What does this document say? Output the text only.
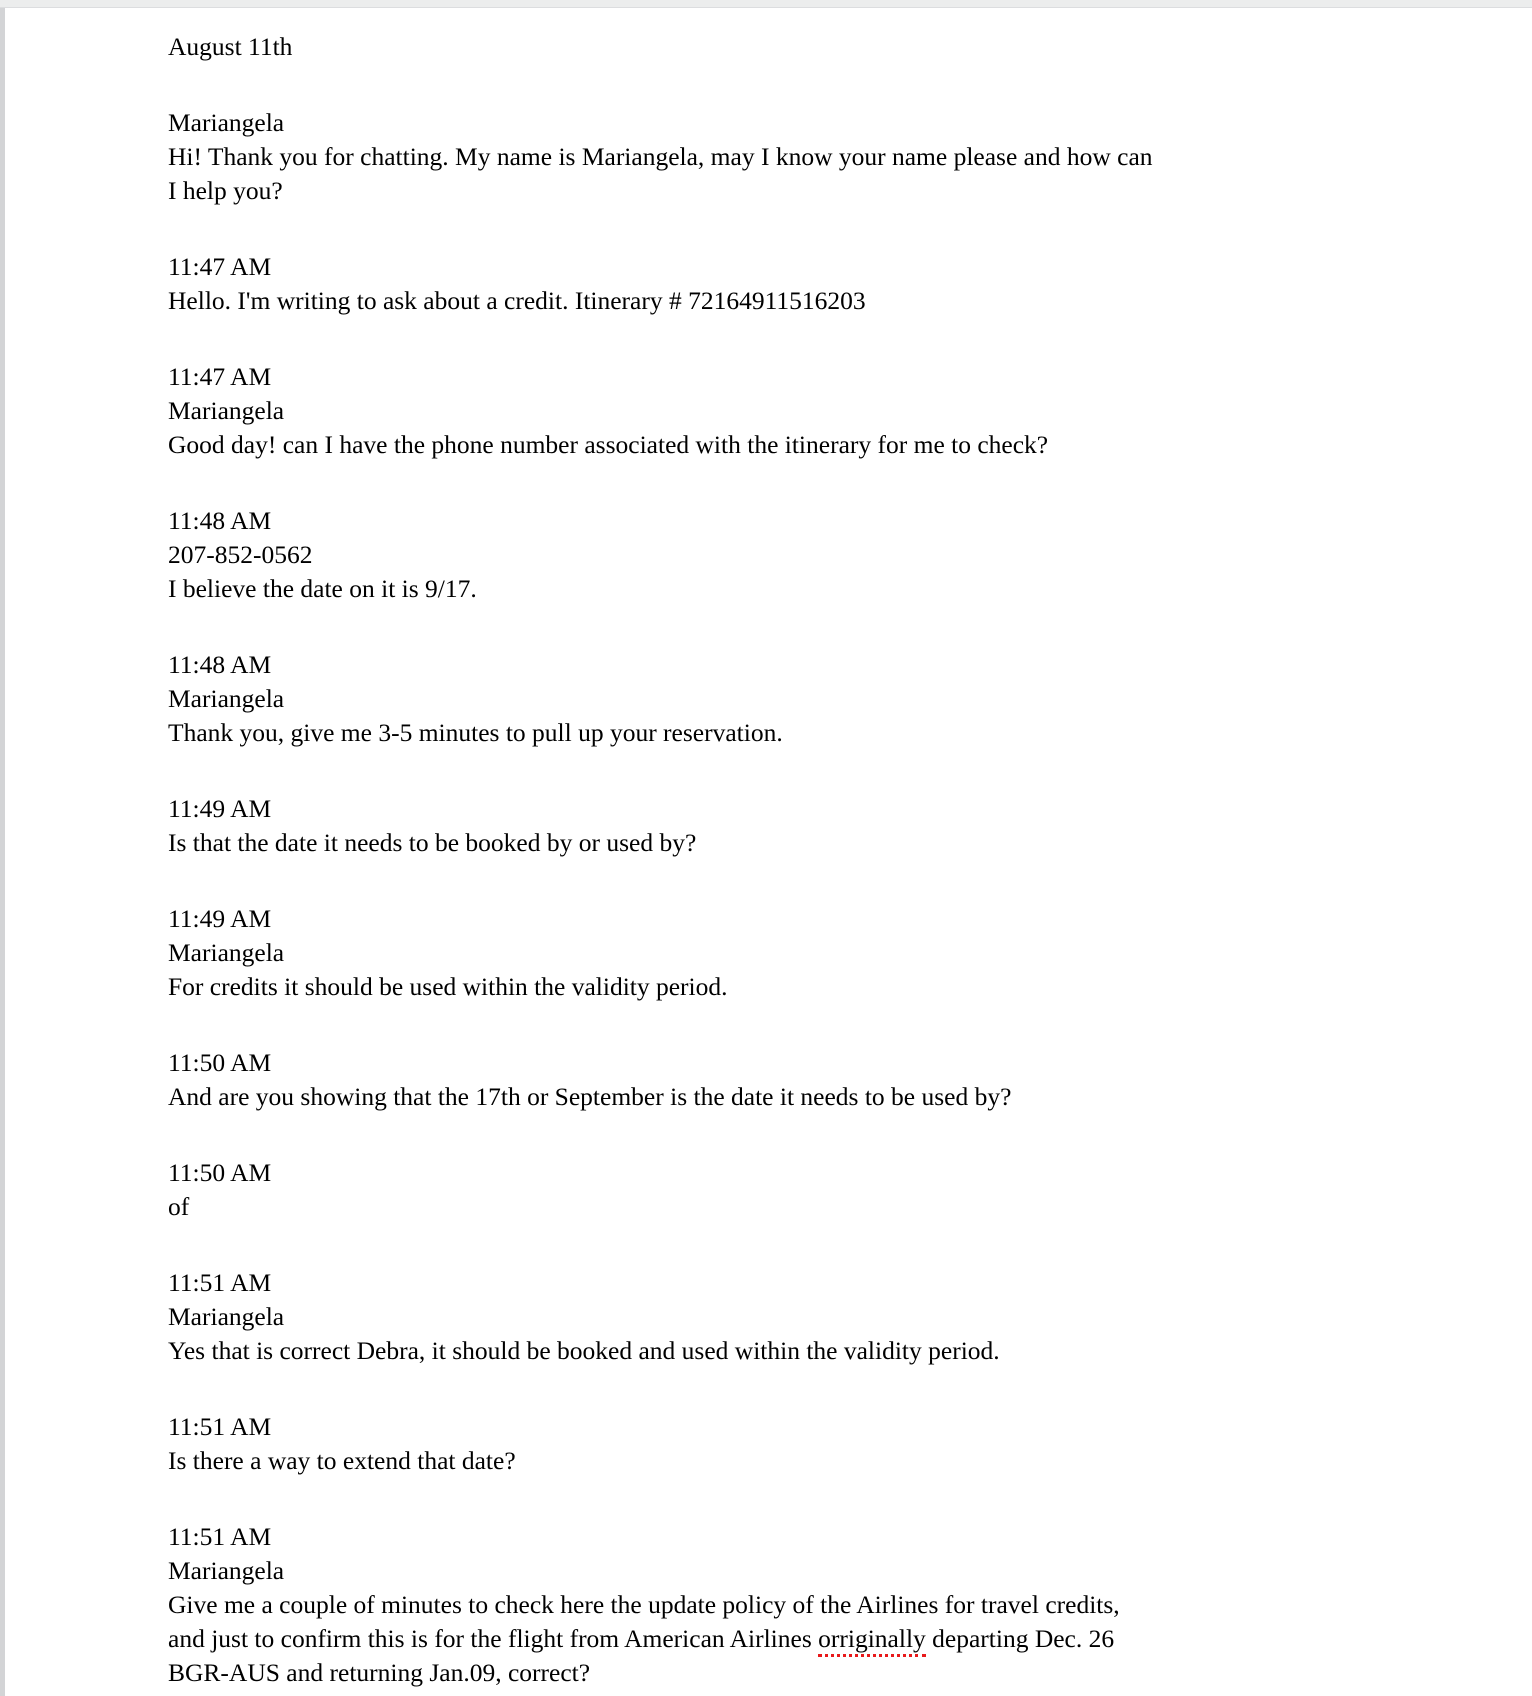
August 11th

Mariangela

Hi! Thank you for chatting. My name is Mariangela, may I know your name please and how can

I help you?

11:47 AM

Hello. I'm writing to ask about a credit. Itinerary # 72164911516203

11:47 AM

Mariangela

Good day! can I have the phone number associated with the itinerary for me to check?

11:48 AM

207-852-0562

I believe the date on it is 9/17.

11:48 AM

Mariangela

Thank you, give me 3-5 minutes to pull up your reservation.

11:49 AM

Is that the date it needs to be booked by or used by?

11:49 AM

Mariangela

For credits it should be used within the validity period.

11:50 AM

And are you showing that the 17th or September is the date it needs to be used by?

11:50 AM

of

11:51 AM

Mariangela

Yes that is correct Debra, it should be booked and used within the validity period.

11:51 AM

Is there a way to extend that date?

11:51 AM

Mariangela

Give me a couple of minutes to check here the update policy of the Airlines for travel credits,

and just to confirm this is for the flight from American Airlines orriginally departing Dec. 26

BGR-AUS and returning Jan.09, correct?
